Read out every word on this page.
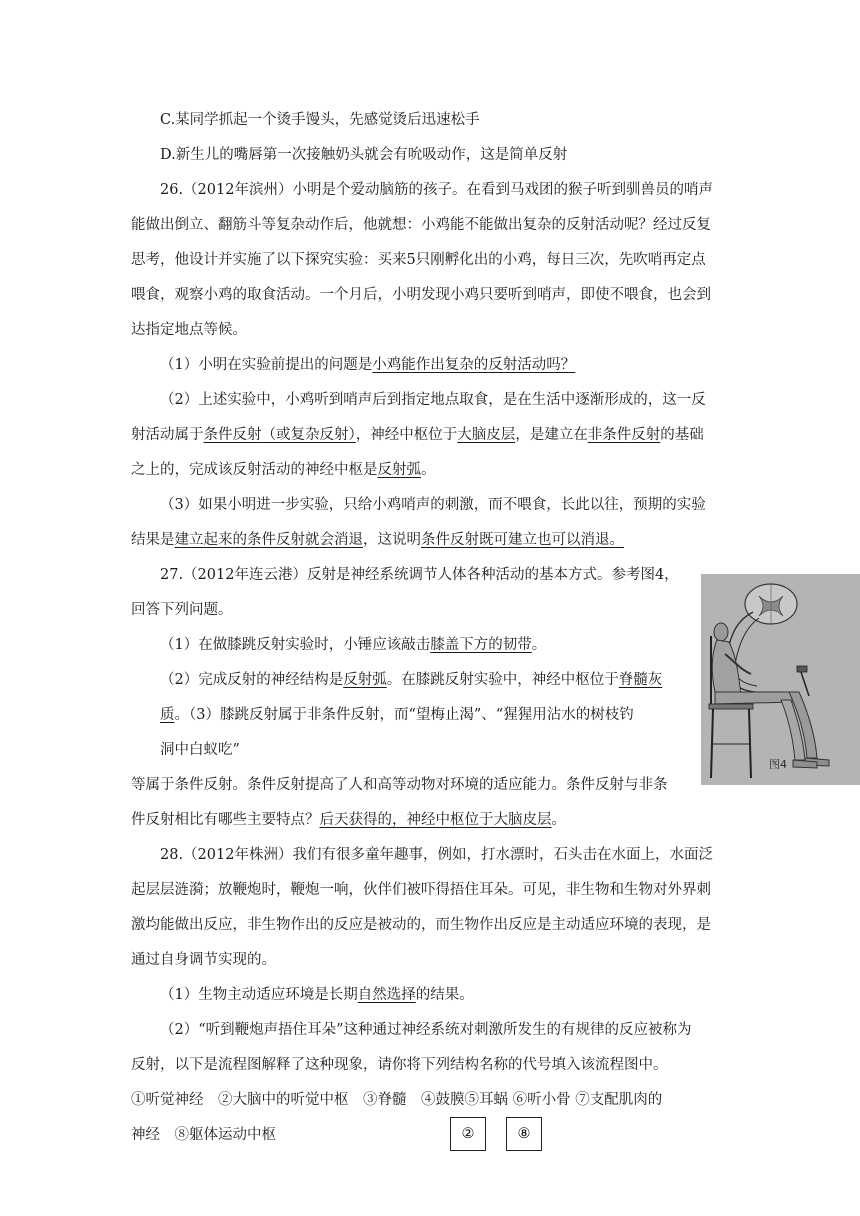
C.某同学抓起一个烫手馒头，先感觉烫后迅速松手
D.新生儿的嘴唇第一次接触奶头就会有吮吸动作，这是简单反射
26.（2012年滨州）小明是个爱动脑筋的孩子。在看到马戏团的猴子听到驯兽员的哨声
能做出倒立、翻筋斗等复杂动作后，他就想：小鸡能不能做出复杂的反射活动呢？经过反复
思考，他设计并实施了以下探究实验：买来5只刚孵化出的小鸡，每日三次，先吹哨再定点
喂食，观察小鸡的取食活动。一个月后，小明发现小鸡只要听到哨声，即使不喂食，也会到
达指定地点等候。
（1）小明在实验前提出的问题是小鸡能作出复杂的反射活动吗？
（2）上述实验中，小鸡听到哨声后到指定地点取食，是在生活中逐渐形成的，这一反
射活动属于条件反射（或复杂反射），神经中枢位于大脑皮层，是建立在非条件反射的基础
之上的，完成该反射活动的神经中枢是反射弧。
（3）如果小明进一步实验，只给小鸡哨声的刺激，而不喂食，长此以往，预期的实验
结果是建立起来的条件反射就会消退，这说明条件反射既可建立也可以消退。
27.（2012年连云港）反射是神经系统调节人体各种活动的基本方式。参考图4，
回答下列问题。
（1）在做膝跳反射实验时，小锤应该敲击膝盖下方的韧带。
（2）完成反射的神经结构是反射弧。在膝跳反射实验中，神经中枢位于脊髓灰
质。（3）膝跳反射属于非条件反射，而“望梅止渴”、“猩猩用沾水的树枝钓
洞中白蚁吃”
等属于条件反射。条件反射提高了人和高等动物对环境的适应能力。条件反射与非条
件反射相比有哪些主要特点？后天获得的，神经中枢位于大脑皮层。
图4
28.（2012年株洲）我们有很多童年趣事，例如，打水漂时，石头击在水面上，水面泛
起层层涟漪；放鞭炮时，鞭炮一响，伙伴们被吓得捂住耳朵。可见，非生物和生物对外界刺
激均能做出反应，非生物作出的反应是被动的，而生物作出反应是主动适应环境的表现，是
通过自身调节实现的。
（1）生物主动适应环境是长期自然选择的结果。
（2）“听到鞭炮声捂住耳朵”这种通过神经系统对刺激所发生的有规律的反应被称为
反射，以下是流程图解释了这种现象，请你将下列结构名称的代号填入该流程图中。
①听觉神经　②大脑中的听觉中枢　③脊髓　④鼓膜⑤耳蜗 ⑥听小骨 ⑦支配肌肉的
神经　⑧躯体运动中枢	②	⑧
